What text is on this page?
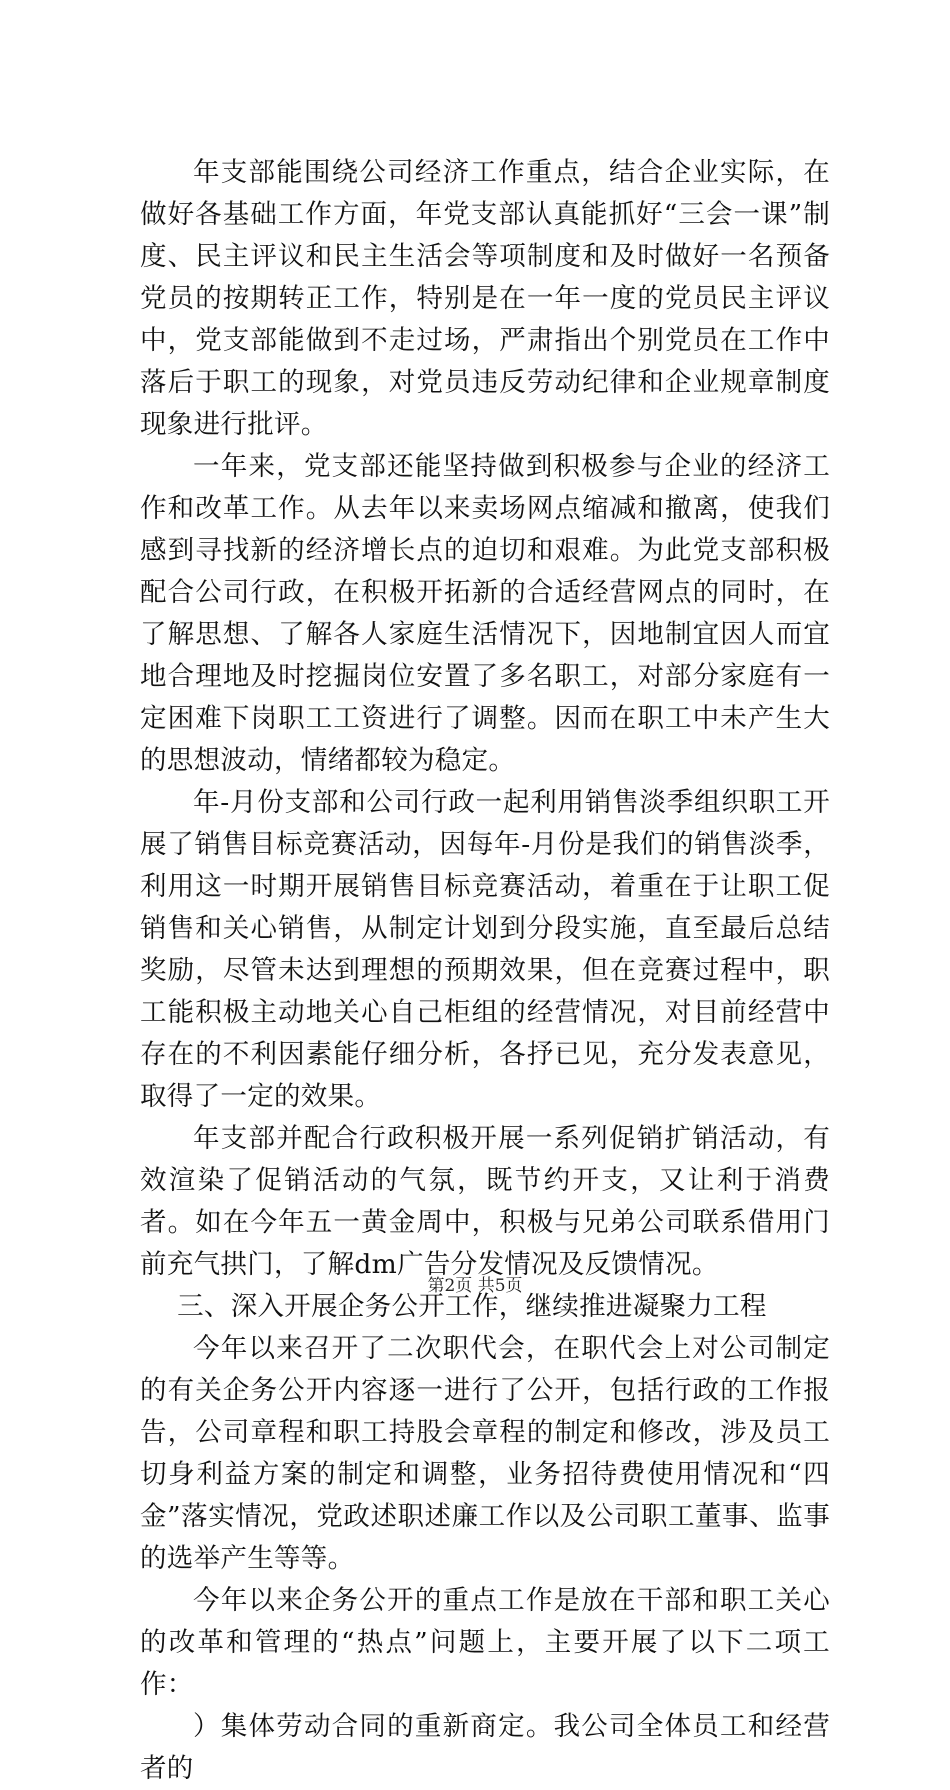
年支部能围绕公司经济工作重点，结合企业实际，在做好各基础工作方面，年党支部认真能抓好“三会一课”制度、民主评议和民主生活会等项制度和及时做好一名预备党员的按期转正工作，特别是在一年一度的党员民主评议中，党支部能做到不走过场，严肃指出个别党员在工作中落后于职工的现象，对党员违反劳动纪律和企业规章制度现象进行批评。

一年来，党支部还能坚持做到积极参与企业的经济工作和改革工作。从去年以来卖场网点缩减和撤离，使我们感到寻找新的经济增长点的迫切和艰难。为此党支部积极配合公司行政，在积极开拓新的合适经营网点的同时，在了解思想、了解各人家庭生活情况下，因地制宜因人而宜地合理地及时挖掘岗位安置了多名职工，对部分家庭有一定困难下岗职工工资进行了调整。因而在职工中未产生大的思想波动，情绪都较为稳定。

年-月份支部和公司行政一起利用销售淡季组织职工开展了销售目标竞赛活动，因每年-月份是我们的销售淡季，利用这一时期开展销售目标竞赛活动，着重在于让职工促销售和关心销售，从制定计划到分段实施，直至最后总结奖励，尽管未达到理想的预期效果，但在竞赛过程中，职工能积极主动地关心自己柜组的经营情况，对目前经营中存在的不利因素能仔细分析，各抒已见，充分发表意见，取得了一定的效果。

年支部并配合行政积极开展一系列促销扩销活动，有效渲染了促销活动的气氛，既节约开支，又让利于消费者。如在今年五一黄金周中，积极与兄弟公司联系借用门前充气拱门，了解dm广告分发情况及反馈情况。

三、深入开展企务公开工作，继续推进凝聚力工程

今年以来召开了二次职代会，在职代会上对公司制定的有关企务公开内容逐一进行了公开，包括行政的工作报告，公司章程和职工持股会章程的制定和修改，涉及员工切身利益方案的制定和调整，业务招待费使用情况和“四金”落实情况，党政述职述廉工作以及公司职工董事、监事的选举产生等等。

今年以来企务公开的重点工作是放在干部和职工关心的改革和管理的“热点”问题上，主要开展了以下二项工作：

）集体劳动合同的重新商定。我公司全体员工和经营者的

第2页 共5页
